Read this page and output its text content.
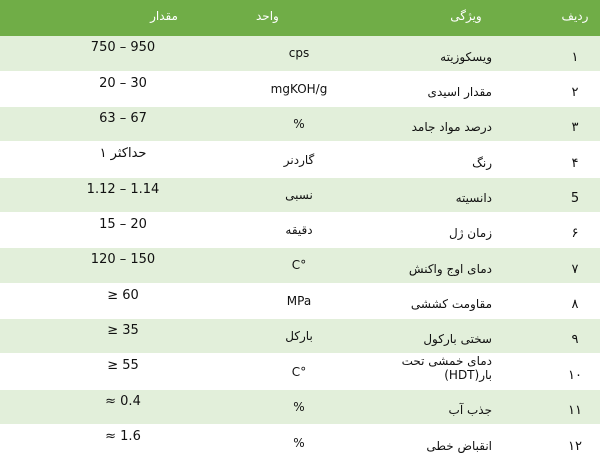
ردیف	ویژگی	واحد	مقدار
۱	ویسکوزیته	cps	750 – 950
۲	مقدار اسیدی	mgKOH/g	20 – 30
۳	درصد مواد جامد	%	63 – 67
۴	رنگ	گاردنر	حداکثر ۱
5	دانسیته	نسبی	1.12 – 1.14
۶	زمان ژل	دقیقه	15 – 20
۷	دمای اوج واکنش	°C	120 – 150
۸	مقاومت کششی	MPa	≥ 60
۹	سختی بارکول	بارکل	≥ 35
۱۰	دمای خمشی تحت بار(HDT)	°C	≥ 55
۱۱	جذب آب	%	≈ 0.4
۱۲	انقباض خطی	%	≈ 1.6
